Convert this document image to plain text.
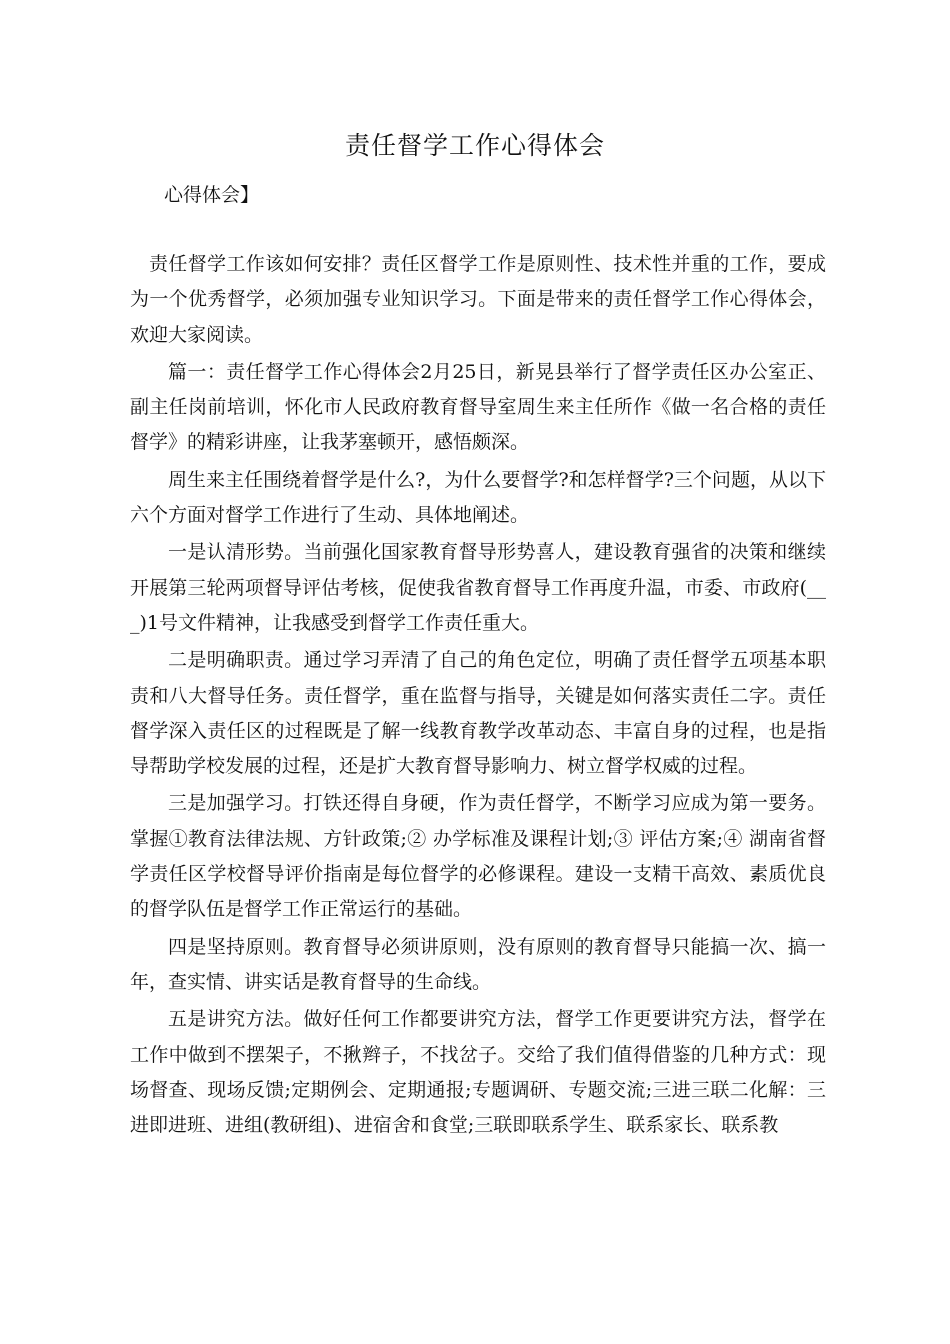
责任督学工作心得体会
心得体会】

责任督学工作该如何安排？责任区督学工作是原则性、技术性并重的工作，要成为一个优秀督学，必须加强专业知识学习。下面是带来的责任督学工作心得体会，欢迎大家阅读。

篇一：责任督学工作心得体会2月25日，新晃县举行了督学责任区办公室正、副主任岗前培训，怀化市人民政府教育督导室周生来主任所作《做一名合格的责任督学》的精彩讲座，让我茅塞顿开，感悟颇深。

周生来主任围绕着督学是什么?，为什么要督学?和怎样督学?三个问题，从以下六个方面对督学工作进行了生动、具体地阐述。

一是认清形势。当前强化国家教育督导形势喜人，建设教育强省的决策和继续开展第三轮两项督导评估考核，促使我省教育督导工作再度升温，市委、市政府(___)1号文件精神，让我感受到督学工作责任重大。

二是明确职责。通过学习弄清了自己的角色定位，明确了责任督学五项基本职责和八大督导任务。责任督学，重在监督与指导，关键是如何落实责任二字。责任督学深入责任区的过程既是了解一线教育教学改革动态、丰富自身的过程，也是指导帮助学校发展的过程，还是扩大教育督导影响力、树立督学权威的过程。

三是加强学习。打铁还得自身硬，作为责任督学，不断学习应成为第一要务。掌握①教育法律法规、方针政策;② 办学标准及课程计划;③ 评估方案;④ 湖南省督学责任区学校督导评价指南是每位督学的必修课程。建设一支精干高效、素质优良的督学队伍是督学工作正常运行的基础。

四是坚持原则。教育督导必须讲原则，没有原则的教育督导只能搞一次、搞一年，查实情、讲实话是教育督导的生命线。

五是讲究方法。做好任何工作都要讲究方法，督学工作更要讲究方法，督学在工作中做到不摆架子，不揪辫子，不找岔子。交给了我们值得借鉴的几种方式：现场督查、现场反馈;定期例会、定期通报;专题调研、专题交流;三进三联二化解：三进即进班、进组(教研组)、进宿舍和食堂;三联即联系学生、联系家长、联系教
